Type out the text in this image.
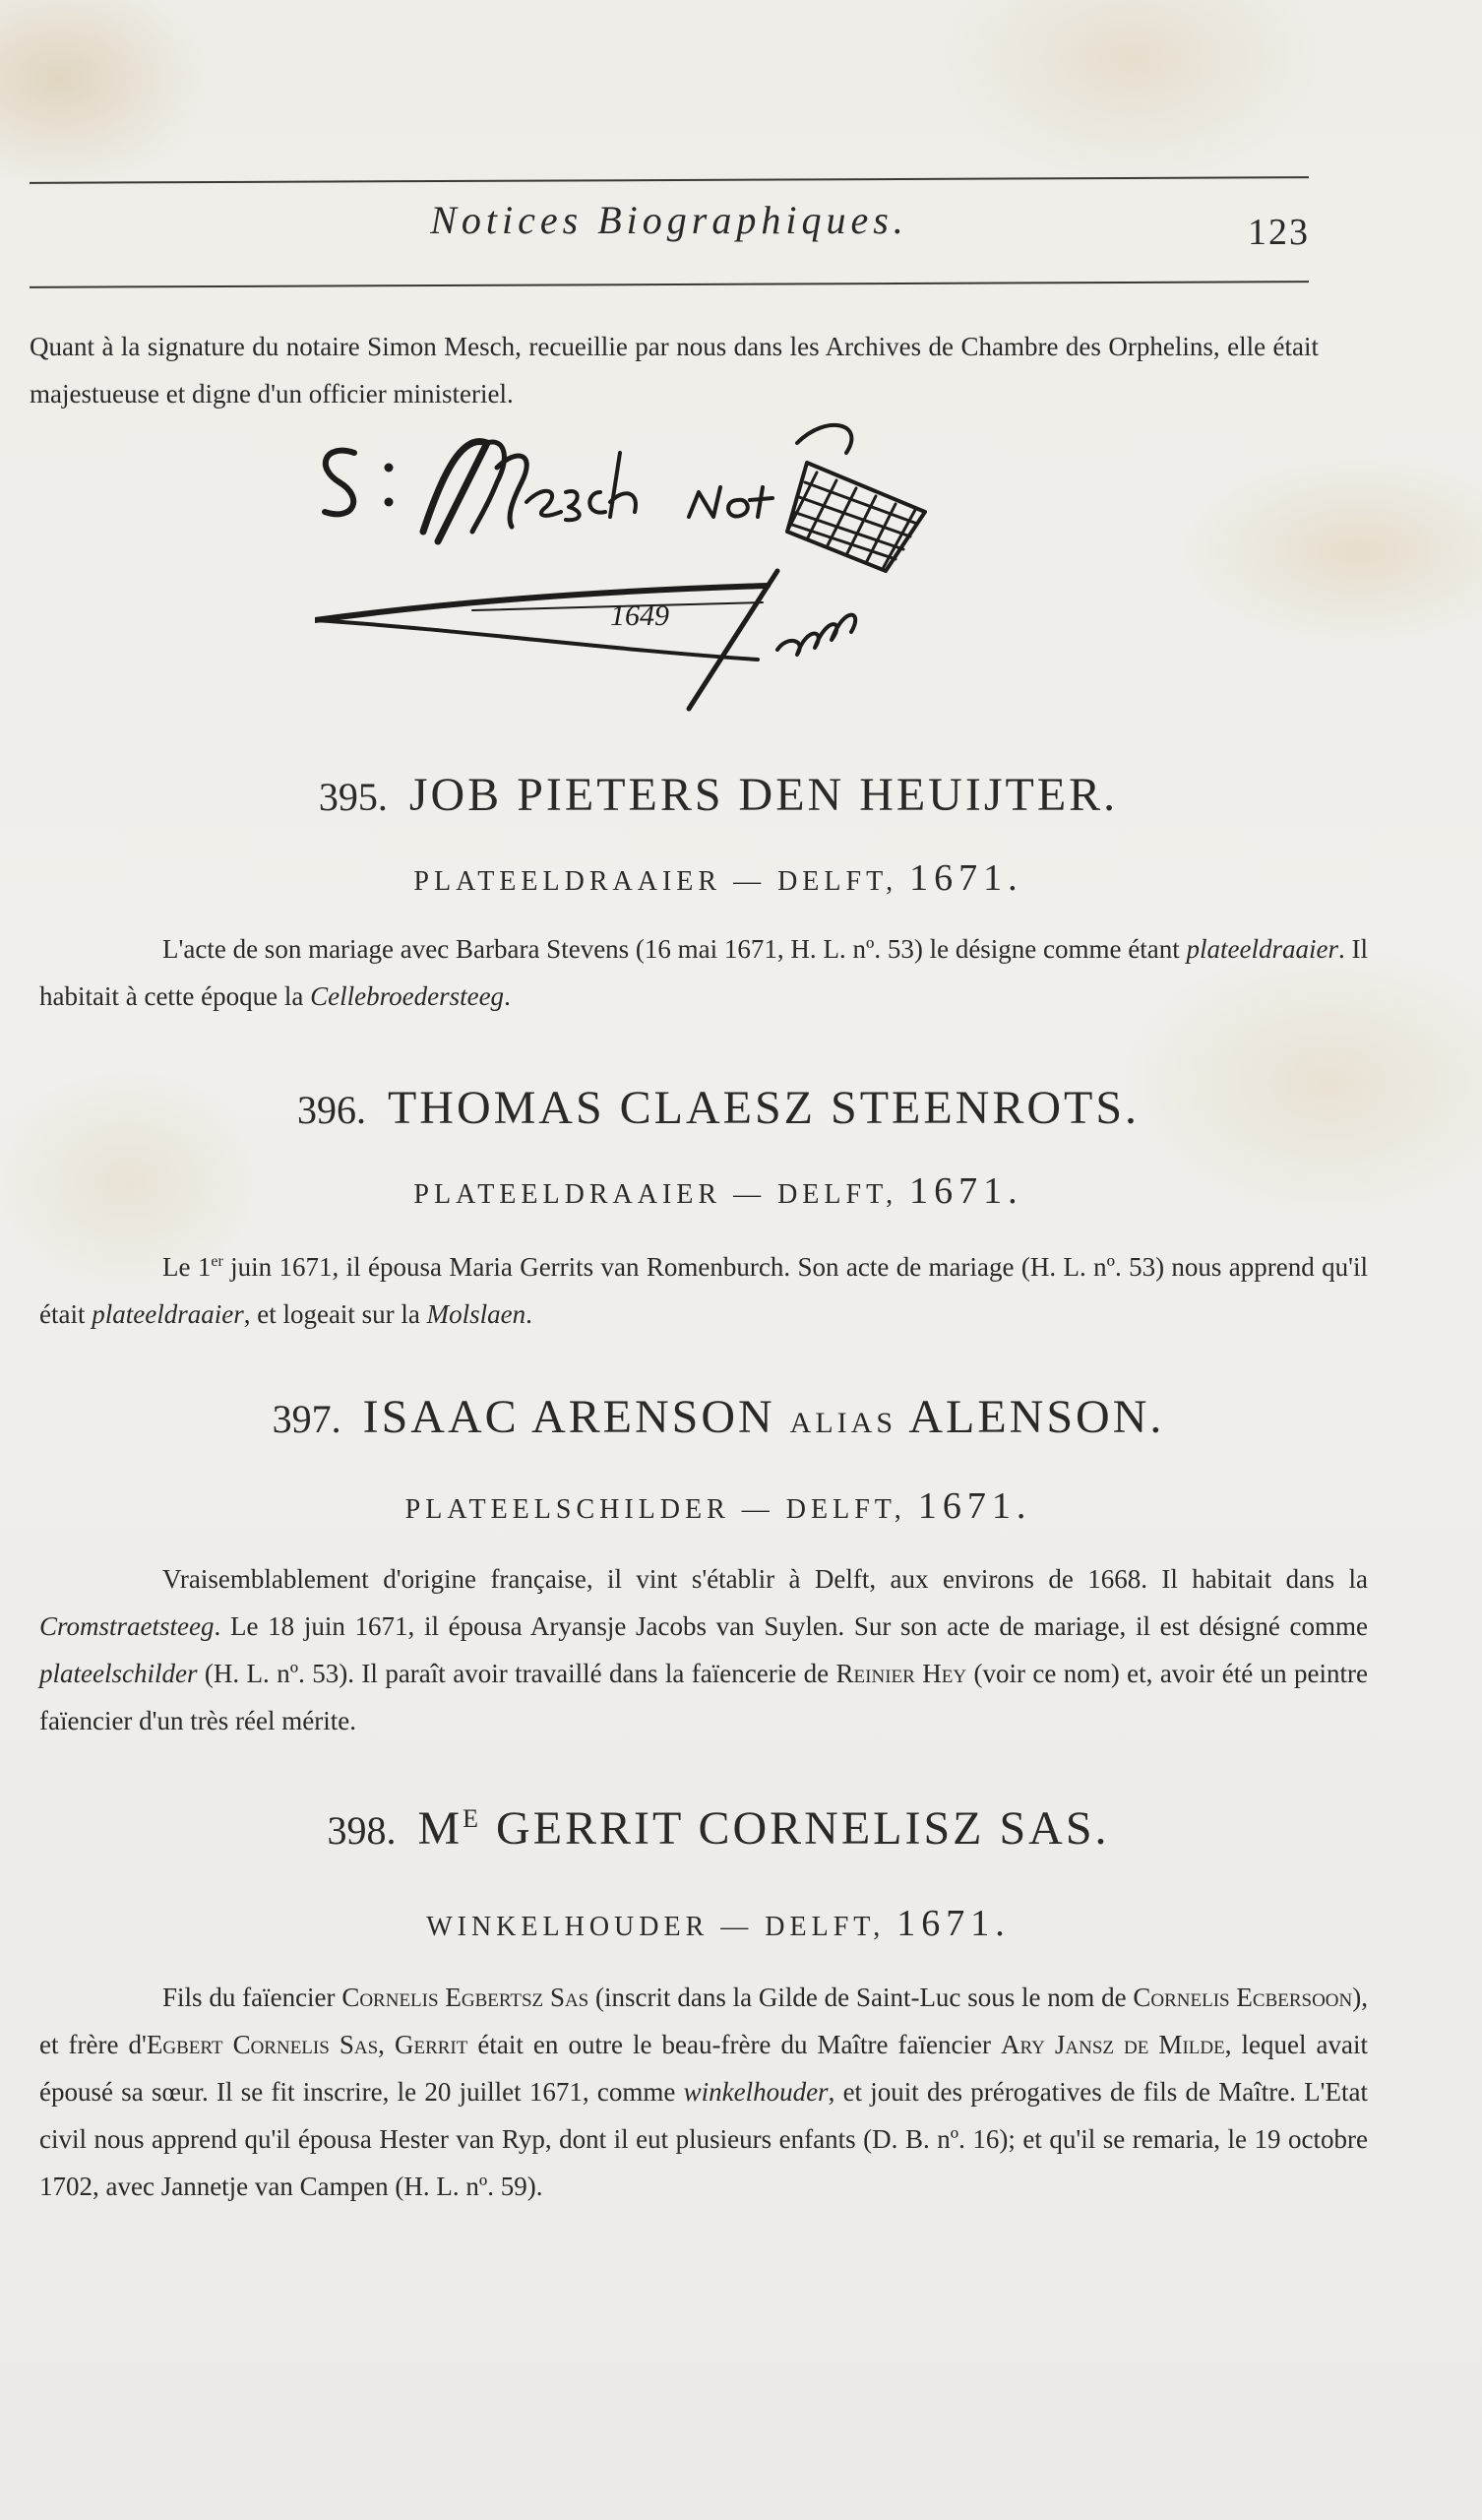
Notices Biographiques.	123

Quant à la signature du notaire Simon Mesch, recueillie par nous dans les Archives de Chambre des Orphelins, elle était majestueuse et digne d'un officier ministeriel.

1649
395. JOB PIETERS DEN HEUIJTER.
PLATEELDRAAIER — DELFT, 1671.

L'acte de son mariage avec Barbara Stevens (16 mai 1671, H. L. nº. 53) le désigne comme étant plateeldraaier. Il habitait à cette époque la Cellebroedersteeg.

396. THOMAS CLAESZ STEENROTS.
PLATEELDRAAIER — DELFT, 1671.

Le 1er juin 1671, il épousa Maria Gerrits van Romenburch. Son acte de mariage (H. L. nº. 53) nous apprend qu'il était plateeldraaier, et logeait sur la Molslaen.

397. ISAAC ARENSON ALIAS ALENSON.
PLATEELSCHILDER — DELFT, 1671.

Vraisemblablement d'origine française, il vint s'établir à Delft, aux environs de 1668. Il habitait dans la Cromstraetsteeg. Le 18 juin 1671, il épousa Aryansje Jacobs van Suylen. Sur son acte de mariage, il est désigné comme plateelschilder (H. L. nº. 53). Il paraît avoir travaillé dans la faïencerie de Reinier Hey (voir ce nom) et, avoir été un peintre faïencier d'un très réel mérite.

398. $M^E$ GERRIT CORNELISZ SAS.
WINKELHOUDER — DELFT, 1671.

Fils du faïencier Cornelis Egbertsz Sas (inscrit dans la Gilde de Saint-Luc sous le nom de Cornelis Ecbersoon), et frère d'Egbert Cornelis Sas, Gerrit était en outre le beau-frère du Maître faïencier Ary Jansz de Milde, lequel avait épousé sa sœur. Il se fit inscrire, le 20 juillet 1671, comme winkelhouder, et jouit des prérogatives de fils de Maître. L'Etat civil nous apprend qu'il épousa Hester van Ryp, dont il eut plusieurs enfants (D. B. nº. 16); et qu'il se remaria, le 19 octobre 1702, avec Jannetje van Campen (H. L. nº. 59).
